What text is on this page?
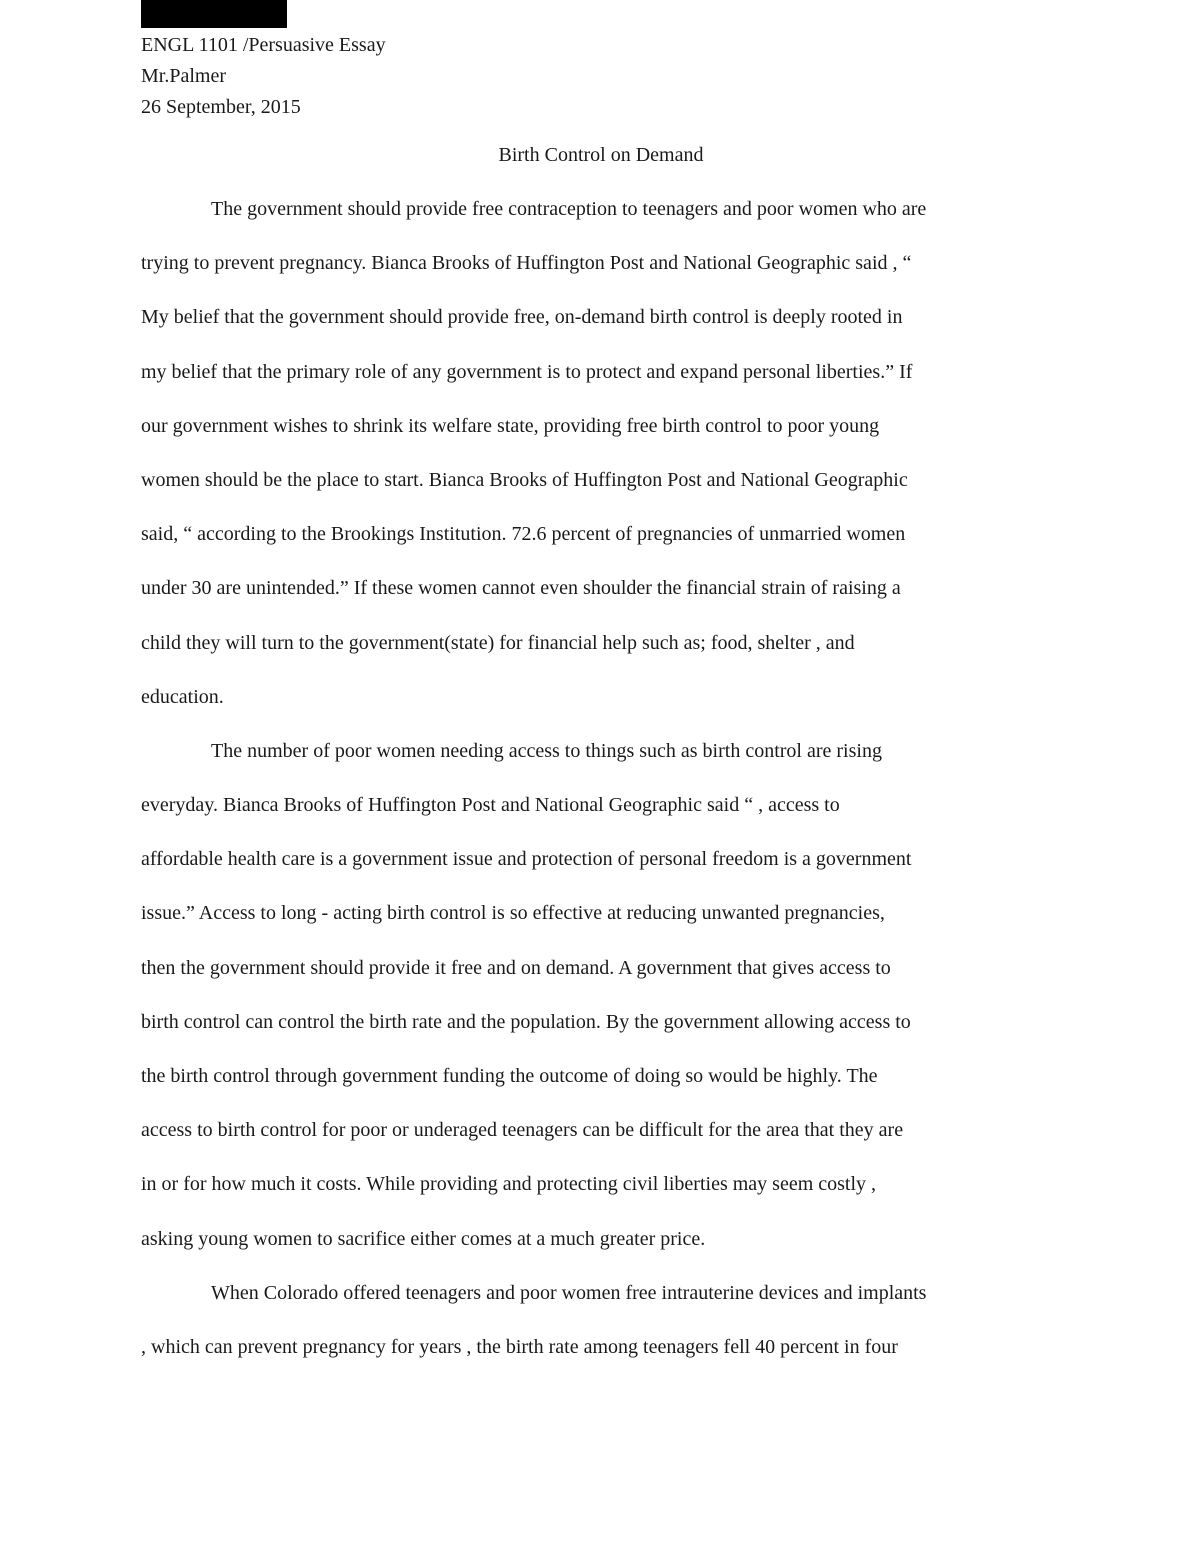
ENGL 1101 /Persuasive Essay
Mr.Palmer
26 September, 2015
Birth Control on Demand
The government should provide free contraception to teenagers and poor women who are
trying to prevent pregnancy. Bianca Brooks of Huffington Post and National Geographic said , “
My belief that the government should provide free, on-demand birth control is deeply rooted in
my belief that the primary role of any government is to protect and expand personal liberties.” If
our government wishes to shrink its welfare state, providing free birth control to poor young
women should be the place to start. Bianca Brooks of Huffington Post and National Geographic
said, “ according to the Brookings Institution. 72.6 percent of pregnancies of unmarried women
under 30 are unintended.” If these women cannot even shoulder the financial strain of raising a
child they will turn to the government(state) for financial help such as; food, shelter , and
education.
The number of poor women needing access to things such as birth control are rising
everyday. Bianca Brooks of Huffington Post and National Geographic said “ , access to
affordable health care is a government issue and protection of personal freedom is a government
issue.” Access to long - acting birth control is so effective at reducing unwanted pregnancies,
then the government should provide it free and on demand. A government that gives access to
birth control can control the birth rate and the population. By the government allowing access to
the birth control through government funding the outcome of doing so would be highly. The
access to birth control for poor or underaged teenagers can be difficult for the area that they are
in or for how much it costs. While providing and protecting civil liberties may seem costly ,
asking young women to sacrifice either comes at a much greater price.
When Colorado offered teenagers and poor women free intrauterine devices and implants
, which can prevent pregnancy for years , the birth rate among teenagers fell 40 percent in four
